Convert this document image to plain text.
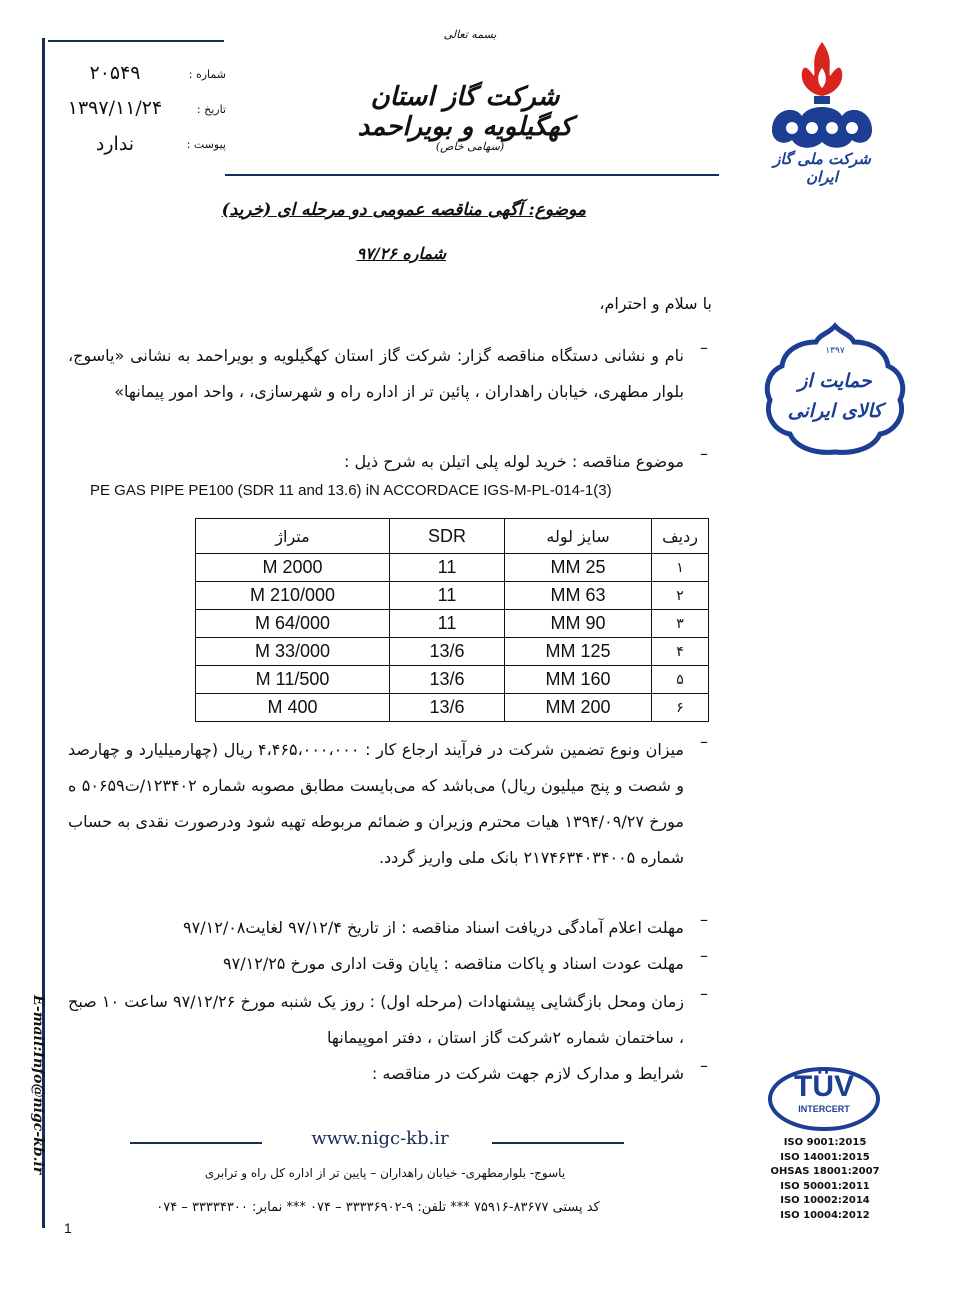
E-mail:Info@nigc-kb.ir
بسمه تعالی
شماره :
۲۰۵۴۹
تاریخ :
۱۳۹۷/۱۱/۲۴
پیوست :
ندارد
شرکت گاز استان کهگیلویه و بویراحمد
(سهامی خاص)
شرکت ملی گاز ایران
۱۳۹۷
حمایت از
کالای ایرانی
موضوع: آگهی مناقصه عمومی دو مرحله ای (خرید)
شماره ۹۷/۲۶
با سلام و احترام،
–
نام و نشانی دستگاه مناقصه گزار: شرکت گاز استان کهگیلویه و بویراحمد به نشانی «یاسوج، بلوار مطهری، خیابان راهداران ، پائین تر از اداره راه و شهرسازی، ، واحد امور پیمانها»
–
موضوع مناقصه : خرید لوله پلی اتیلن به شرح ذیل :
PE GAS PIPE PE100 (SDR 11 and 13.6) iN ACCORDACE IGS-M-PL-014-1(3)
ردیف	سایز لوله	SDR	متراژ
۱	25 MM	11	2000 M
۲	63 MM	11	210/000 M
۳	90 MM	11	64/000 M
۴	125 MM	13/6	33/000 M
۵	160 MM	13/6	11/500 M
۶	200 MM	13/6	400 M
–
میزان ونوع تضمین شرکت در فرآیند ارجاع کار : ۴،۴۶۵،۰۰۰،۰۰۰ ریال (چهارمیلیارد و چهارصد و شصت و پنج میلیون ریال) می‌باشد که می‌بایست مطابق مصوبه شماره ۱۲۳۴۰۲/ت۵۰۶۵۹ ه مورخ ۱۳۹۴/۰۹/۲۷ هیات محترم وزیران و ضمائم مربوطه تهیه شود ودرصورت نقدی به حساب شماره ۲۱۷۴۶۳۴۰۳۴۰۰۵ بانک ملی واریز گردد.
–
مهلت اعلام آمادگی دریافت اسناد مناقصه : از تاریخ ۹۷/۱۲/۴ لغایت۹۷/۱۲/۰۸
–
مهلت عودت اسناد و پاکات مناقصه : پایان وقت اداری مورخ ۹۷/۱۲/۲۵
–
زمان ومحل بازگشایی پیشنهادات (مرحله اول) : روز یک شنبه مورخ ۹۷/۱۲/۲۶ ساعت ۱۰ صبح ، ساختمان شماره ۲شرکت گاز استان ، دفتر اموپیمانها
–
شرایط و مدارک لازم جهت شرکت در مناقصه :	TÜV
INTERCERT
ISO 9001:2015
ISO 14001:2015
OHSAS 18001:2007
ISO 50001:2011
ISO 10002:2014
ISO 10004:2012
www.nigc-kb.ir
یاسوج- بلوارمطهری- خیابان راهداران – پایین تر از اداره کل راه و ترابری
کد پستی ۸۳۶۷۷-۷۵۹۱۶ *** تلفن: ۹-۳۳۳۳۶۹۰۲ – ۰۷۴ *** نمابر: ۳۳۳۳۴۳۰۰ – ۰۷۴
1
